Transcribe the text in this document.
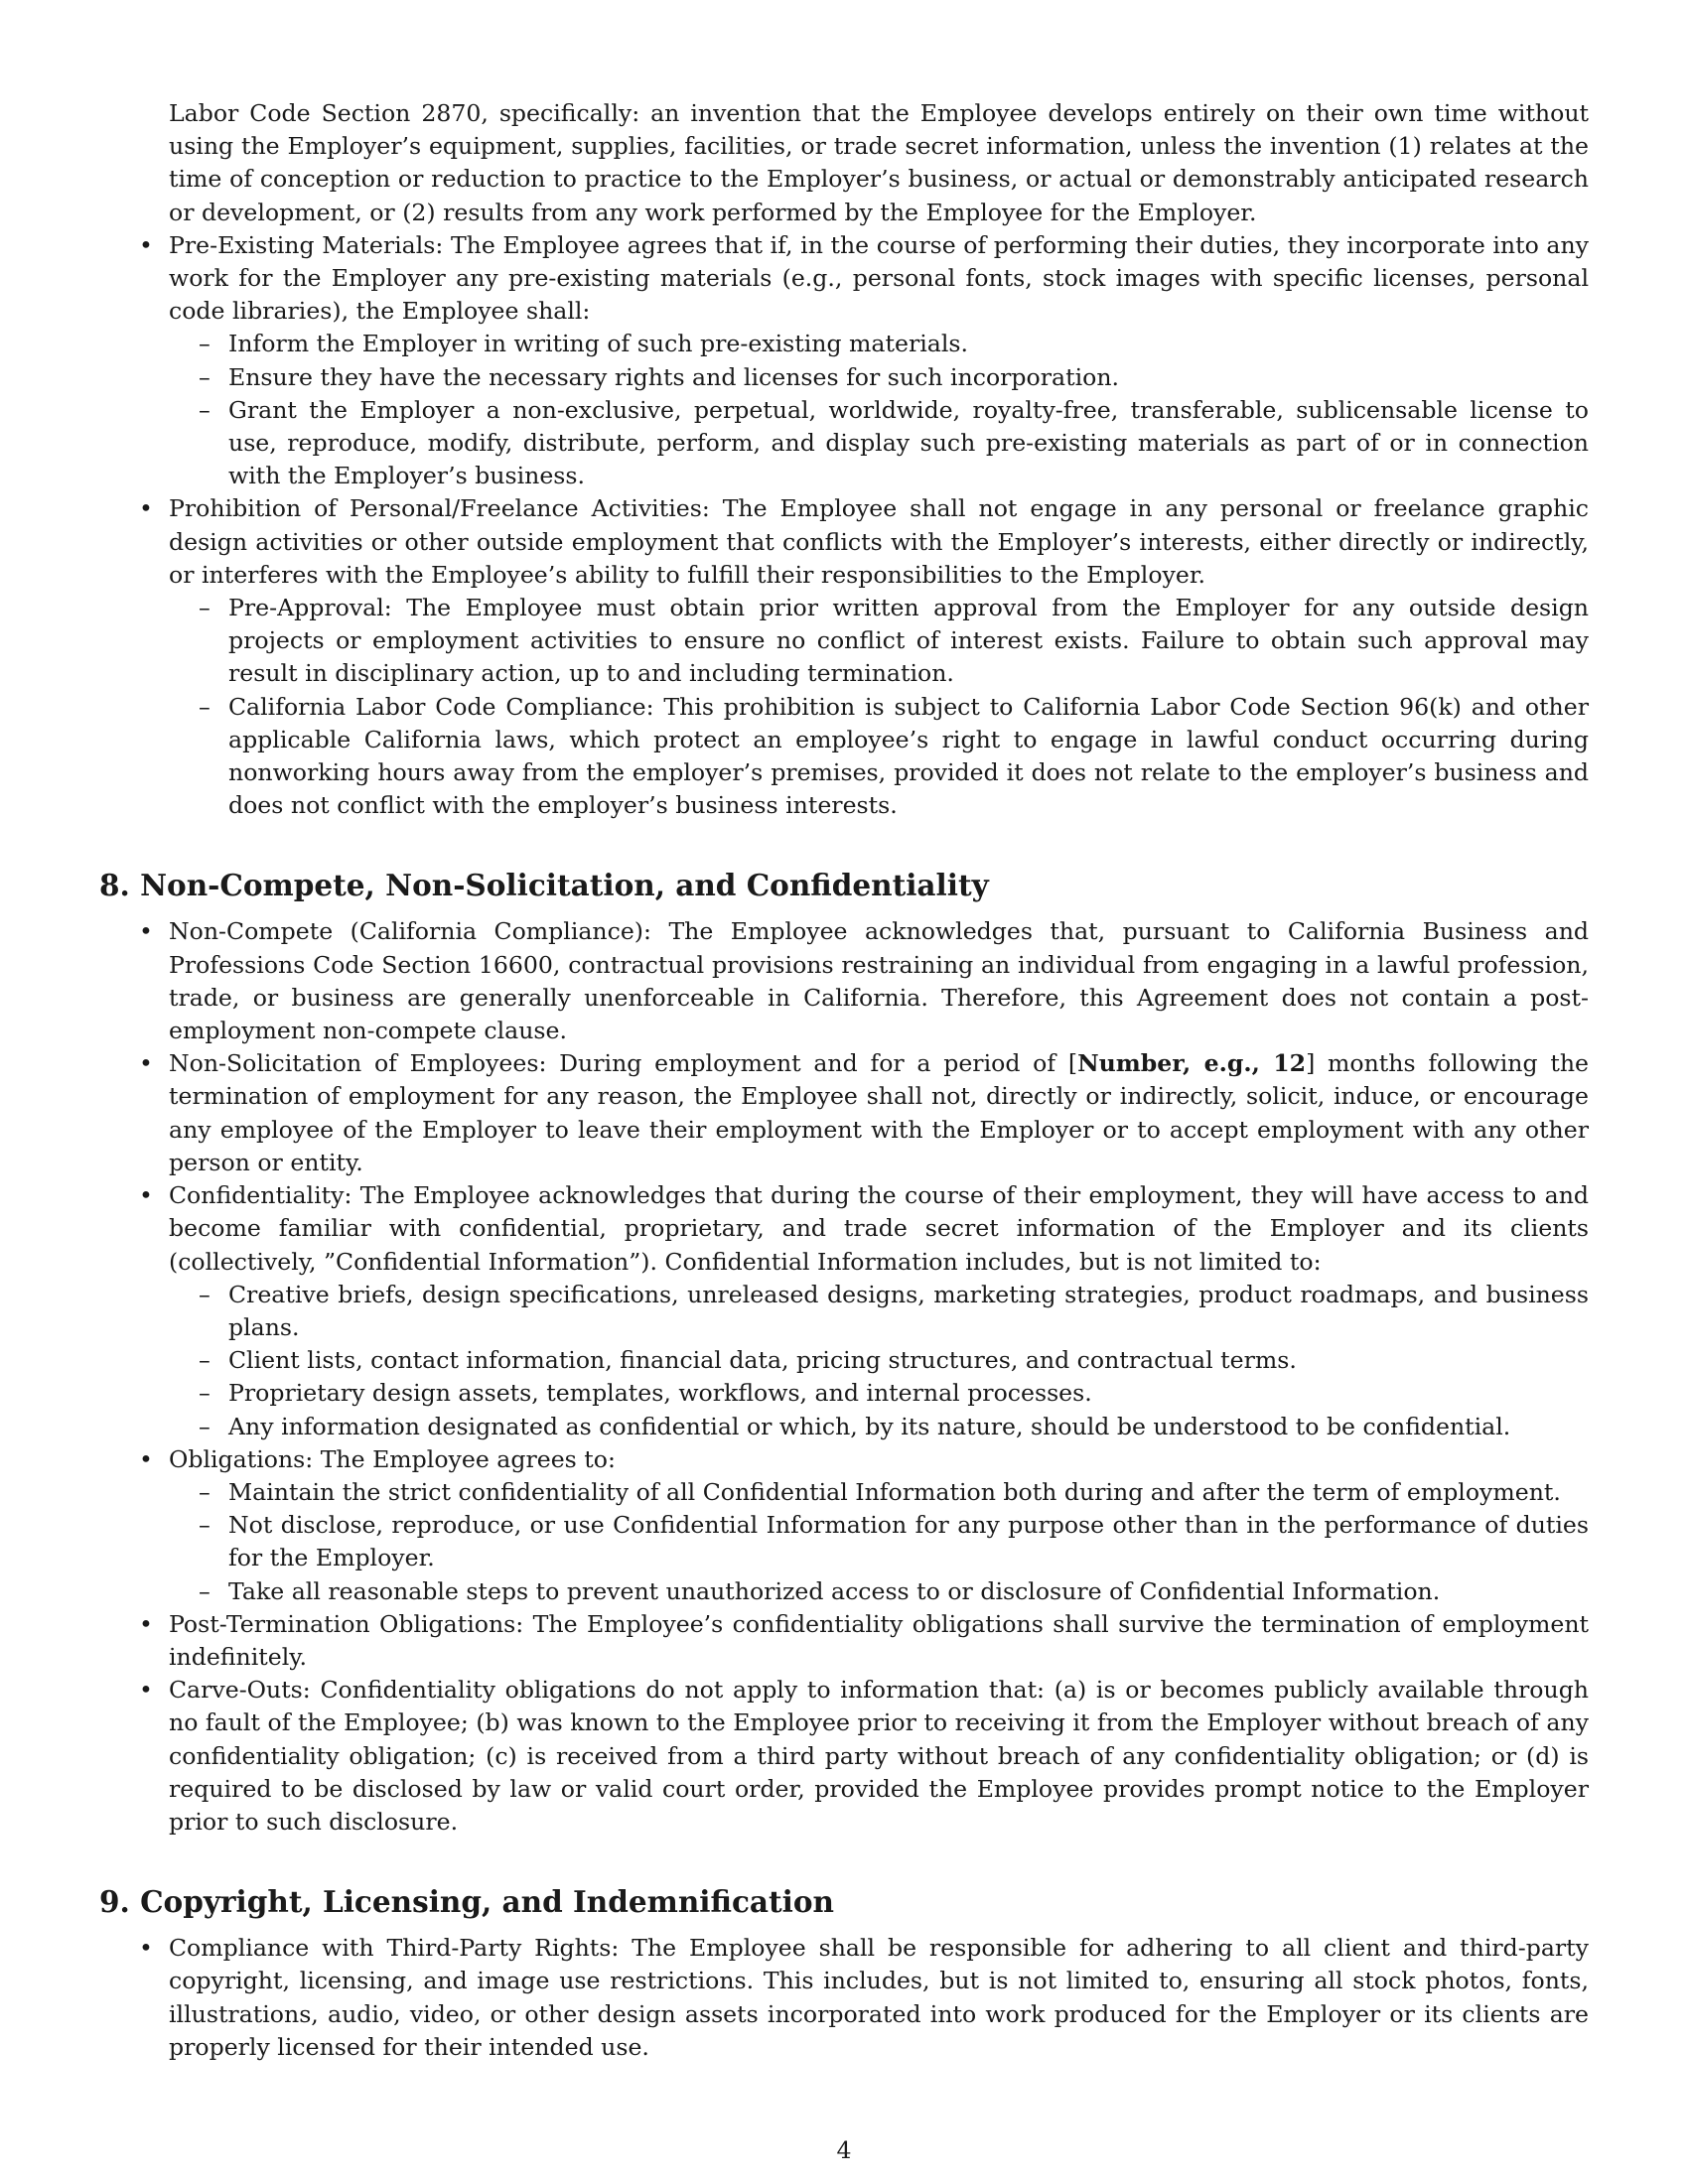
Labor Code Section 2870, specifically: an invention that the Employee develops entirely on their own time without using the Employer’s equipment, supplies, facilities, or trade secret information, unless the invention (1) relates at the time of conception or reduction to practice to the Employer’s business, or actual or demonstrably anticipated research or development, or (2) results from any work performed by the Employee for the Employer.

• Pre-Existing Materials: The Employee agrees that if, in the course of performing their duties, they incorporate into any work for the Employer any pre-existing materials (e.g., personal fonts, stock images with specific licenses, personal code libraries), the Employee shall:
– Inform the Employer in writing of such pre-existing materials.
– Ensure they have the necessary rights and licenses for such incorporation.
– Grant the Employer a non-exclusive, perpetual, worldwide, royalty-free, transferable, sublicensable license to use, reproduce, modify, distribute, perform, and display such pre-existing materials as part of or in connection with the Employer’s business.
• Prohibition of Personal/Freelance Activities: The Employee shall not engage in any personal or freelance graphic design activities or other outside employment that conflicts with the Employer’s interests, either directly or indirectly, or interferes with the Employee’s ability to fulfill their responsibilities to the Employer.
– Pre-Approval: The Employee must obtain prior written approval from the Employer for any outside design projects or employment activities to ensure no conflict of interest exists. Failure to obtain such approval may result in disciplinary action, up to and including termination.
– California Labor Code Compliance: This prohibition is subject to California Labor Code Section 96(k) and other applicable California laws, which protect an employee’s right to engage in lawful conduct occurring during nonworking hours away from the employer’s premises, provided it does not relate to the employer’s business and does not conflict with the employer’s business interests.
8. Non-Compete, Non-Solicitation, and Confidentiality
• Non-Compete (California Compliance): The Employee acknowledges that, pursuant to California Business and Professions Code Section 16600, contractual provisions restraining an individual from engaging in a lawful profession, trade, or business are generally unenforceable in California. Therefore, this Agreement does not contain a post-employment non-compete clause.
• Non-Solicitation of Employees: During employment and for a period of [Number, e.g., 12] months following the termination of employment for any reason, the Employee shall not, directly or indirectly, solicit, induce, or encourage any employee of the Employer to leave their employment with the Employer or to accept employment with any other person or entity.
• Confidentiality: The Employee acknowledges that during the course of their employment, they will have access to and become familiar with confidential, proprietary, and trade secret information of the Employer and its clients (collectively, ”Confidential Information”). Confidential Information includes, but is not limited to:
– Creative briefs, design specifications, unreleased designs, marketing strategies, product roadmaps, and business plans.
– Client lists, contact information, financial data, pricing structures, and contractual terms.
– Proprietary design assets, templates, workflows, and internal processes.
– Any information designated as confidential or which, by its nature, should be understood to be confidential.
• Obligations: The Employee agrees to:
– Maintain the strict confidentiality of all Confidential Information both during and after the term of employment.
– Not disclose, reproduce, or use Confidential Information for any purpose other than in the performance of duties for the Employer.
– Take all reasonable steps to prevent unauthorized access to or disclosure of Confidential Information.
• Post-Termination Obligations: The Employee’s confidentiality obligations shall survive the termination of employment indefinitely.
• Carve-Outs: Confidentiality obligations do not apply to information that: (a) is or becomes publicly available through no fault of the Employee; (b) was known to the Employee prior to receiving it from the Employer without breach of any confidentiality obligation; (c) is received from a third party without breach of any confidentiality obligation; or (d) is required to be disclosed by law or valid court order, provided the Employee provides prompt notice to the Employer prior to such disclosure.
9. Copyright, Licensing, and Indemnification
• Compliance with Third-Party Rights: The Employee shall be responsible for adhering to all client and third-party copyright, licensing, and image use restrictions. This includes, but is not limited to, ensuring all stock photos, fonts, illustrations, audio, video, or other design assets incorporated into work produced for the Employer or its clients are properly licensed for their intended use.
4
